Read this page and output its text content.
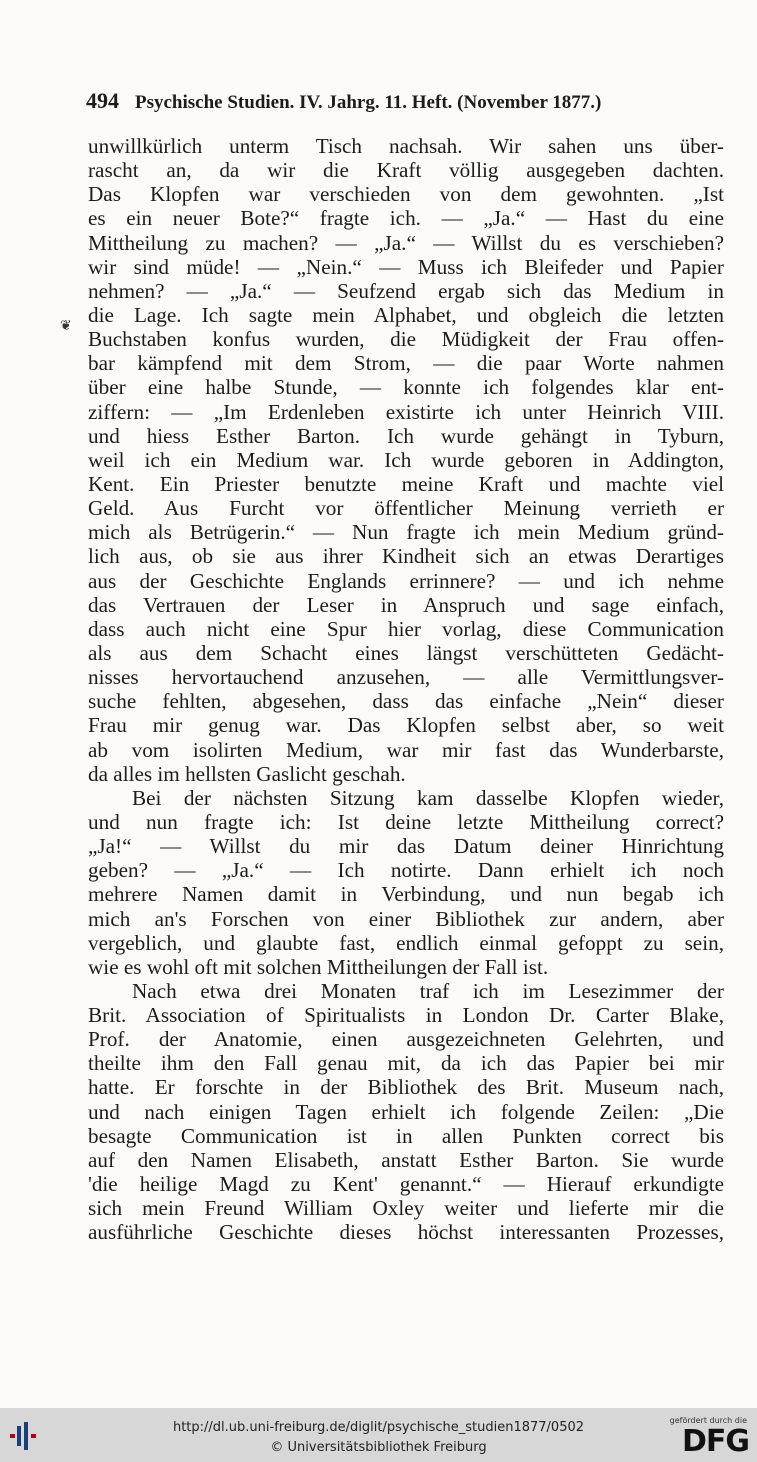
494 Psychische Studien. IV. Jahrg. 11. Heft. (November 1877.)
❦
unwillkürlich unterm Tisch nachsah. Wir sahen uns über-
rascht an, da wir die Kraft völlig ausgegeben dachten.
Das Klopfen war verschieden von dem gewohnten. „Ist
es ein neuer Bote?“ fragte ich. — „Ja.“ — Hast du eine
Mittheilung zu machen? — „Ja.“ — Willst du es verschieben?
wir sind müde! — „Nein.“ — Muss ich Bleifeder und Papier
nehmen? — „Ja.“ — Seufzend ergab sich das Medium in
die Lage. Ich sagte mein Alphabet, und obgleich die letzten
Buchstaben konfus wurden, die Müdigkeit der Frau offen-
bar kämpfend mit dem Strom, — die paar Worte nahmen
über eine halbe Stunde, — konnte ich folgendes klar ent-
ziffern: — „Im Erdenleben existirte ich unter Heinrich VIII.
und hiess Esther Barton. Ich wurde gehängt in Tyburn,
weil ich ein Medium war. Ich wurde geboren in Addington,
Kent. Ein Priester benutzte meine Kraft und machte viel
Geld. Aus Furcht vor öffentlicher Meinung verrieth er
mich als Betrügerin.“ — Nun fragte ich mein Medium gründ-
lich aus, ob sie aus ihrer Kindheit sich an etwas Derartiges
aus der Geschichte Englands errinnere? — und ich nehme
das Vertrauen der Leser in Anspruch und sage einfach,
dass auch nicht eine Spur hier vorlag, diese Communication
als aus dem Schacht eines längst verschütteten Gedächt-
nisses hervortauchend anzusehen, — alle Vermittlungsver-
suche fehlten, abgesehen, dass das einfache „Nein“ dieser
Frau mir genug war. Das Klopfen selbst aber, so weit
ab vom isolirten Medium, war mir fast das Wunderbarste,
da alles im hellsten Gaslicht geschah.
Bei der nächsten Sitzung kam dasselbe Klopfen wieder,
und nun fragte ich: Ist deine letzte Mittheilung correct?
„Ja!“ — Willst du mir das Datum deiner Hinrichtung
geben? — „Ja.“ — Ich notirte. Dann erhielt ich noch
mehrere Namen damit in Verbindung, und nun begab ich
mich an's Forschen von einer Bibliothek zur andern, aber
vergeblich, und glaubte fast, endlich einmal gefoppt zu sein,
wie es wohl oft mit solchen Mittheilungen der Fall ist.
Nach etwa drei Monaten traf ich im Lesezimmer der
Brit. Association of Spiritualists in London Dr. Carter Blake,
Prof. der Anatomie, einen ausgezeichneten Gelehrten, und
theilte ihm den Fall genau mit, da ich das Papier bei mir
hatte. Er forschte in der Bibliothek des Brit. Museum nach,
und nach einigen Tagen erhielt ich folgende Zeilen: „Die
besagte Communication ist in allen Punkten correct bis
auf den Namen Elisabeth, anstatt Esther Barton. Sie wurde
'die heilige Magd zu Kent' genannt.“ — Hierauf erkundigte
sich mein Freund William Oxley weiter und lieferte mir die
ausführliche Geschichte dieses höchst interessanten Prozesses,
http://dl.ub.uni-freiburg.de/diglit/psychische_studien1877/0502
© Universitätsbibliothek Freiburg
gefördert durch die
DFG
